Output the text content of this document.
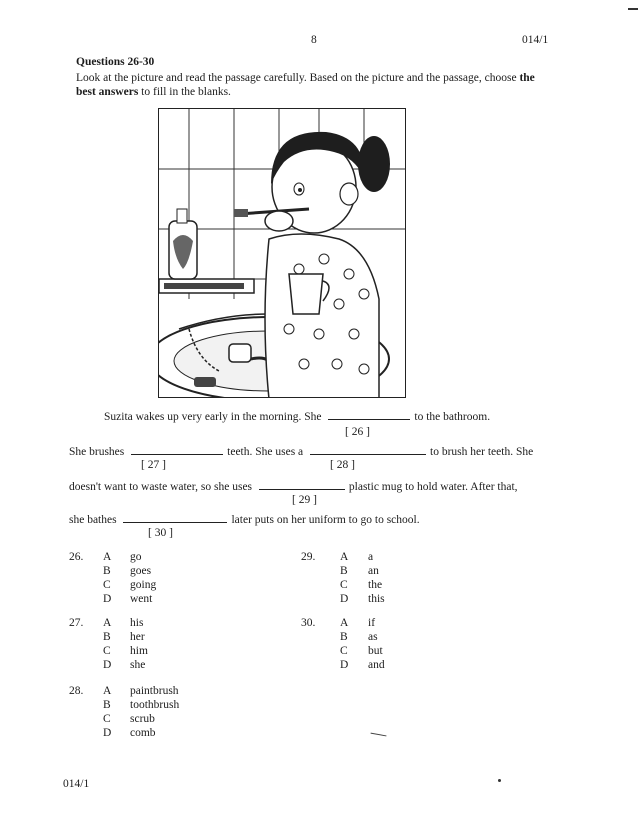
8	014/1
Questions 26-30
Look at the picture and read the passage carefully. Based on the picture and the passage, choose the best answers to fill in the blanks.
Suzita wakes up very early in the morning. She	to the bathroom.
[ 26 ]
She brushes	teeth. She uses a	to brush her teeth. She
[ 27 ]	[ 28 ]
doesn't want to waste water, so she uses	plastic mug to hold water. After that,
[ 29 ]
she bathes	later puts on her uniform to go to school.
[ 30 ]
26. A go
B goes
C going
D went
27. A his
B her
C him
D she
28. A paintbrush
B toothbrush
C scrub
D comb
29. A a
B an
C the
D this
30. A if
B as
C but
D and
014/1
